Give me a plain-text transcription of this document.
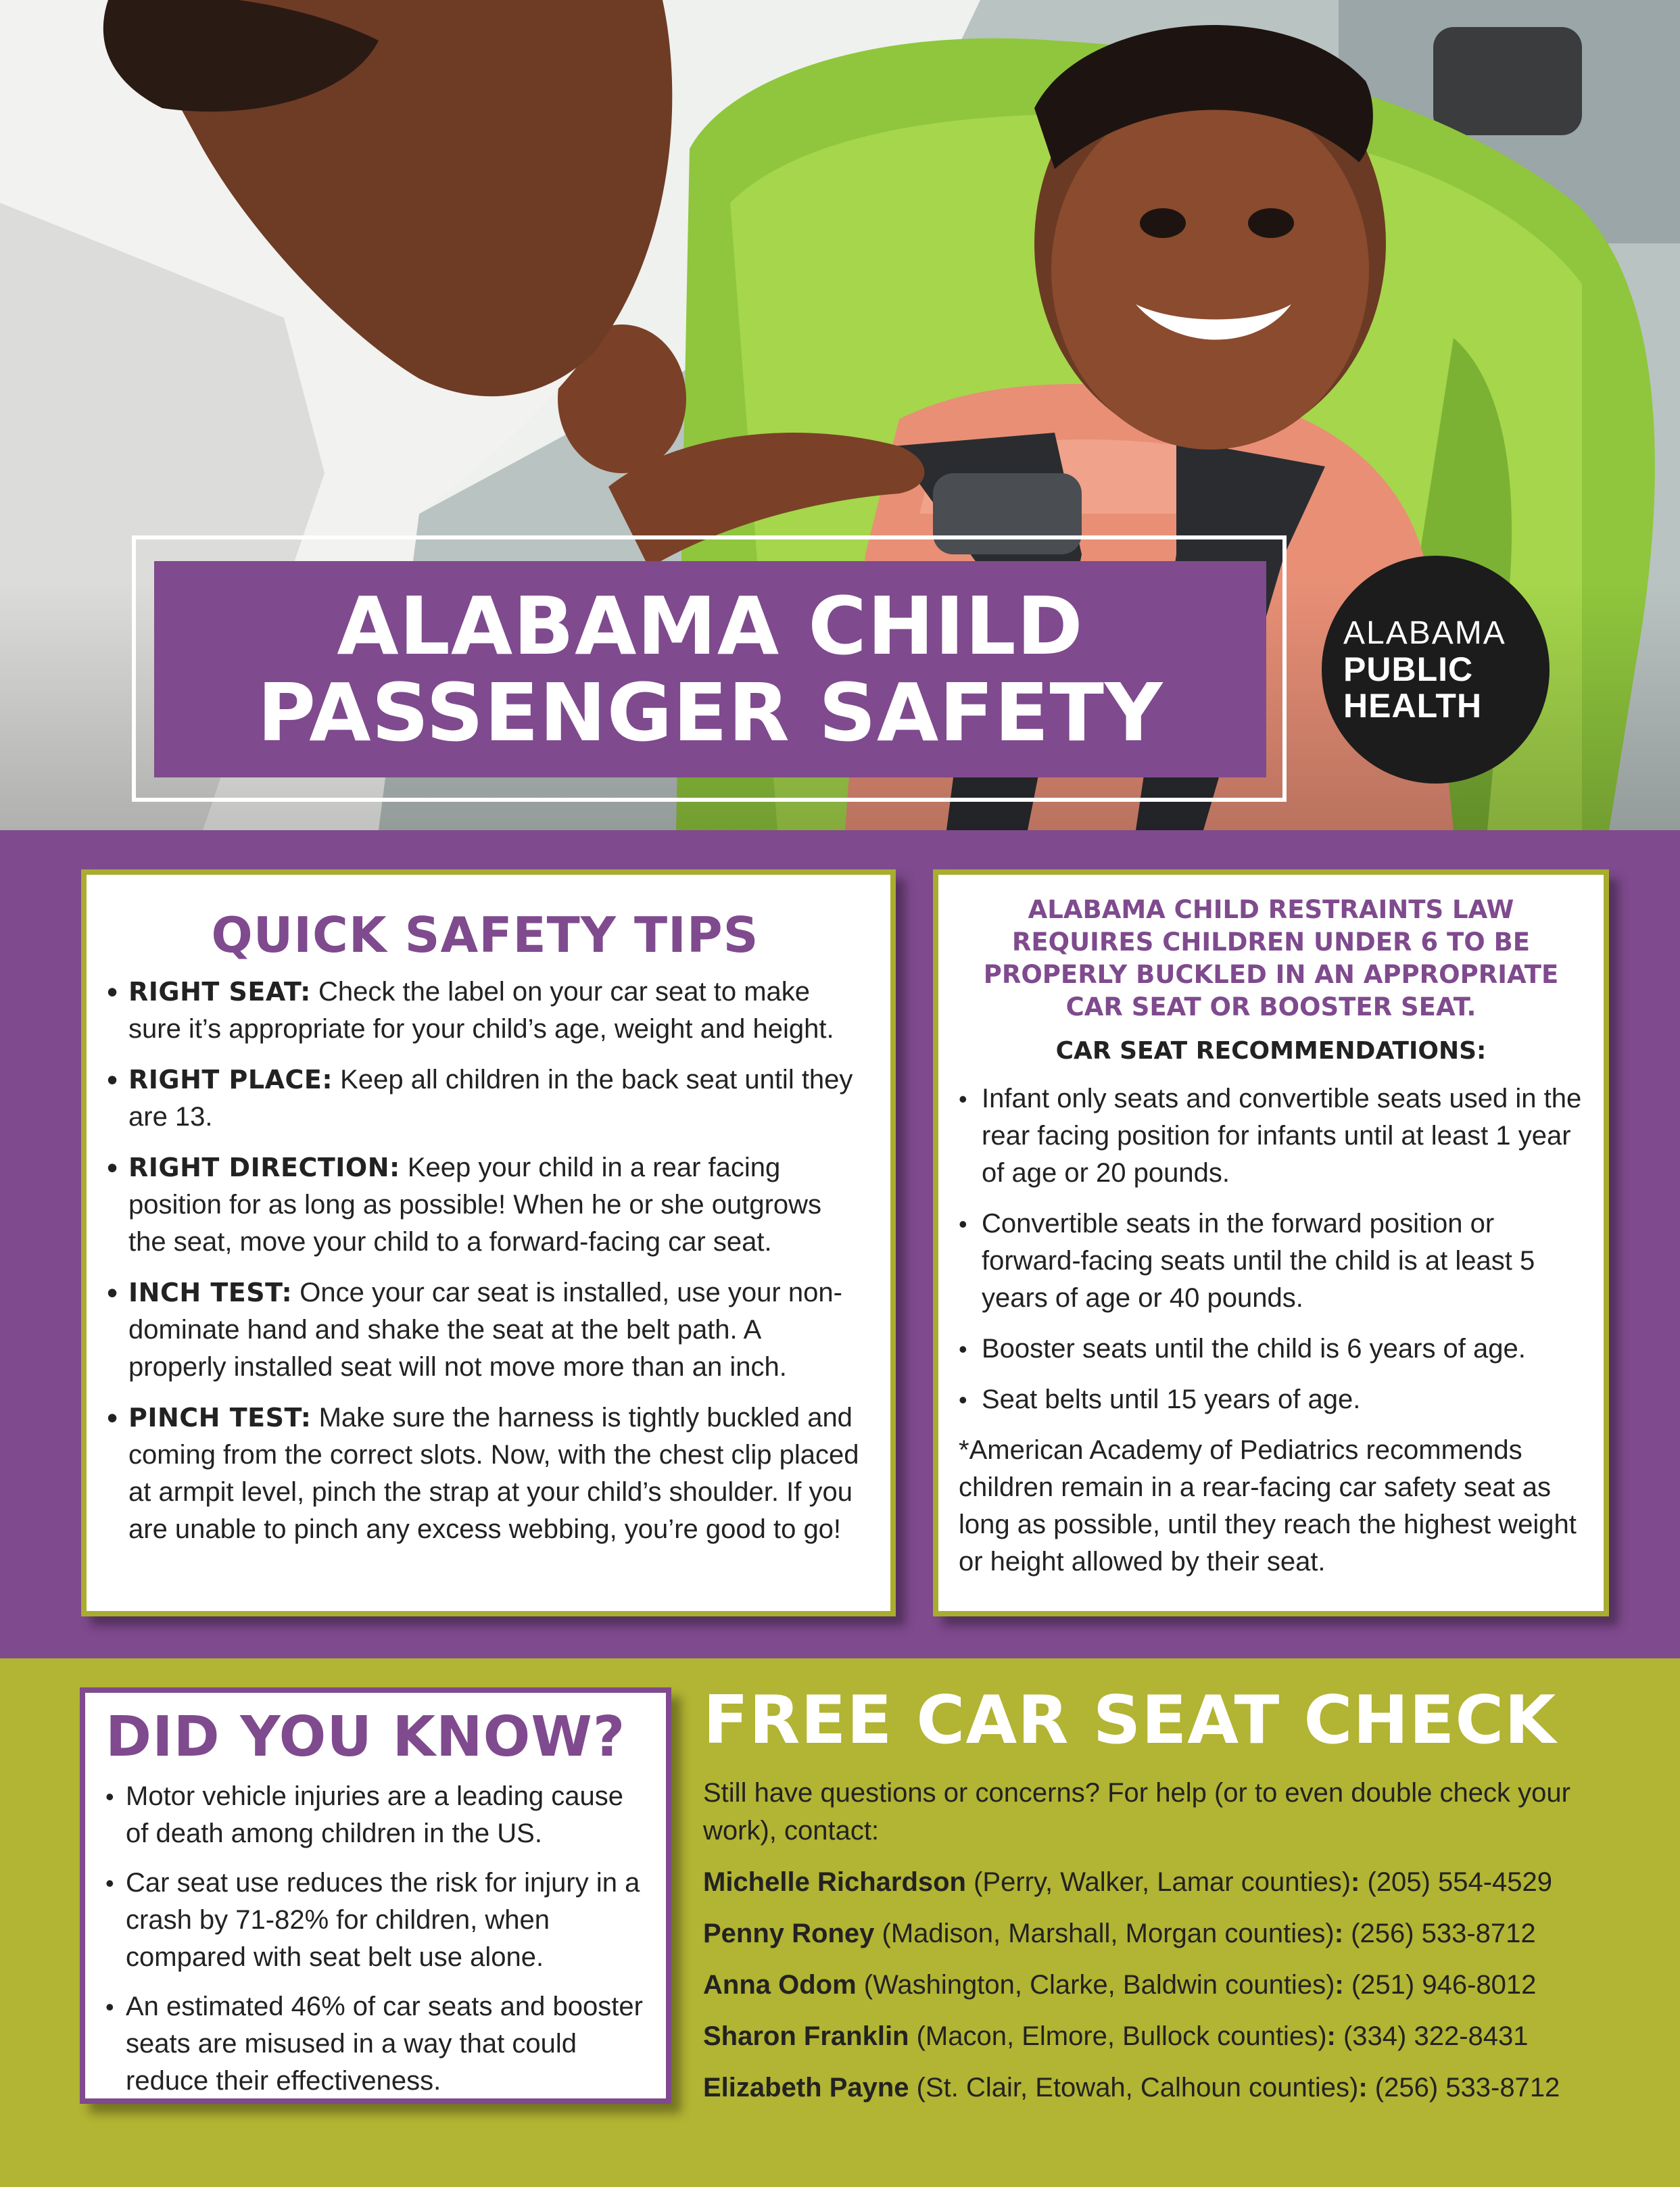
ALABAMA CHILD
PASSENGER SAFETY
ALABAMA
PUBLIC
HEALTH
QUICK SAFETY TIPS
• RIGHT SEAT: Check the label on your car seat to make sure it’s appropriate for your child’s age, weight and height.
• RIGHT PLACE: Keep all children in the back seat until they are 13.
• RIGHT DIRECTION: Keep your child in a rear facing position for as long as possible! When he or she outgrows the seat, move your child to a forward-facing car seat.
• INCH TEST: Once your car seat is installed, use your non-dominate hand and shake the seat at the belt path. A properly installed seat will not move more than an inch.
• PINCH TEST: Make sure the harness is tightly buckled and coming from the correct slots. Now, with the chest clip placed at armpit level, pinch the strap at your child’s shoulder. If you are unable to pinch any excess webbing, you’re good to go!
ALABAMA CHILD RESTRAINTS LAW REQUIRES CHILDREN UNDER 6 TO BE PROPERLY BUCKLED IN AN APPROPRIATE CAR SEAT OR BOOSTER SEAT.
CAR SEAT RECOMMENDATIONS:
• Infant only seats and convertible seats used in the rear facing position for infants until at least 1 year of age or 20 pounds.
• Convertible seats in the forward position or forward-facing seats until the child is at least 5 years of age or 40 pounds.
• Booster seats until the child is 6 years of age.
• Seat belts until 15 years of age.

*American Academy of Pediatrics recommends children remain in a rear-facing car safety seat as long as possible, until they reach the highest weight or height allowed by their seat.

DID YOU KNOW?
• Motor vehicle injuries are a leading cause of death among children in the US.
• Car seat use reduces the risk for injury in a crash by 71-82% for children, when compared with seat belt use alone.
• An estimated 46% of car seats and booster seats are misused in a way that could reduce their effectiveness.
FREE CAR SEAT CHECK

Still have questions or concerns? For help (or to even double check your work), contact:

Michelle Richardson (Perry, Walker, Lamar counties): (205) 554-4529
Penny Roney (Madison, Marshall, Morgan counties): (256) 533-8712
Anna Odom (Washington, Clarke, Baldwin counties): (251) 946-8012
Sharon Franklin (Macon, Elmore, Bullock counties): (334) 322-8431
Elizabeth Payne (St. Clair, Etowah, Calhoun counties): (256) 533-8712
